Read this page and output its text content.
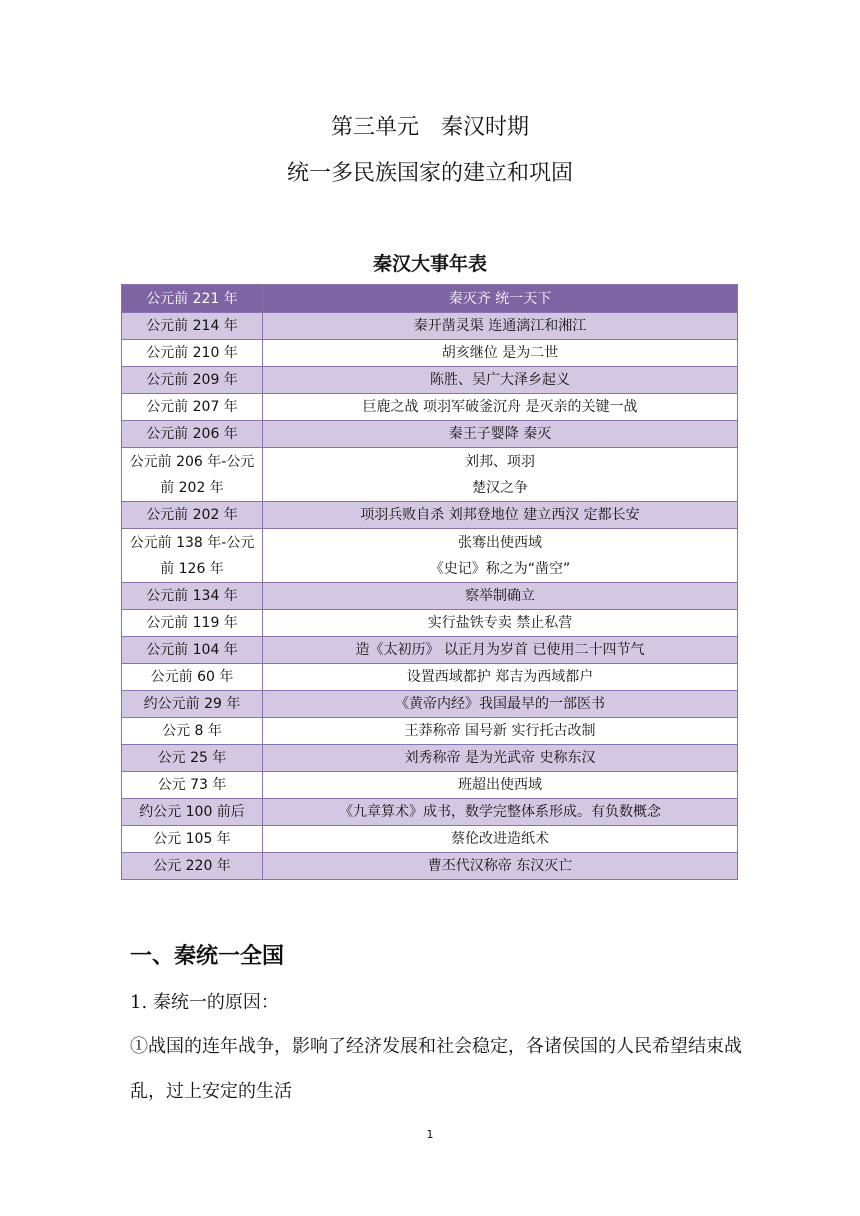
第三单元　秦汉时期
统一多民族国家的建立和巩固
秦汉大事年表
公元前 221 年	秦灭齐 统一天下
公元前 214 年	秦开凿灵渠 连通漓江和湘江
公元前 210 年	胡亥继位 是为二世
公元前 209 年	陈胜、吴广大泽乡起义
公元前 207 年	巨鹿之战 项羽军破釜沉舟 是灭亲的关键一战
公元前 206 年	秦王子婴降 秦灭
公元前 206 年-公元前 202 年	刘邦、项羽
楚汉之争
公元前 202 年	项羽兵败自杀 刘邦登地位 建立西汉 定都长安
公元前 138 年-公元前 126 年	张骞出使西域
《史记》称之为“凿空”
公元前 134 年	察举制确立
公元前 119 年	实行盐铁专卖 禁止私营
公元前 104 年	造《太初历》 以正月为岁首 已使用二十四节气
公元前 60 年	设置西域都护 郑吉为西域都户
约公元前 29 年	《黄帝内经》我国最早的一部医书
公元 8 年	王莽称帝 国号新 实行托古改制
公元 25 年	刘秀称帝 是为光武帝 史称东汉
公元 73 年	班超出使西域
约公元 100 前后	《九章算术》成书，数学完整体系形成。有负数概念
公元 105 年	蔡伦改进造纸术
公元 220 年	曹丕代汉称帝 东汉灭亡
一、秦统一全国
1. 秦统一的原因：
①战国的连年战争，影响了经济发展和社会稳定，各诸侯国的人民希望结束战乱，过上安定的生活
1
